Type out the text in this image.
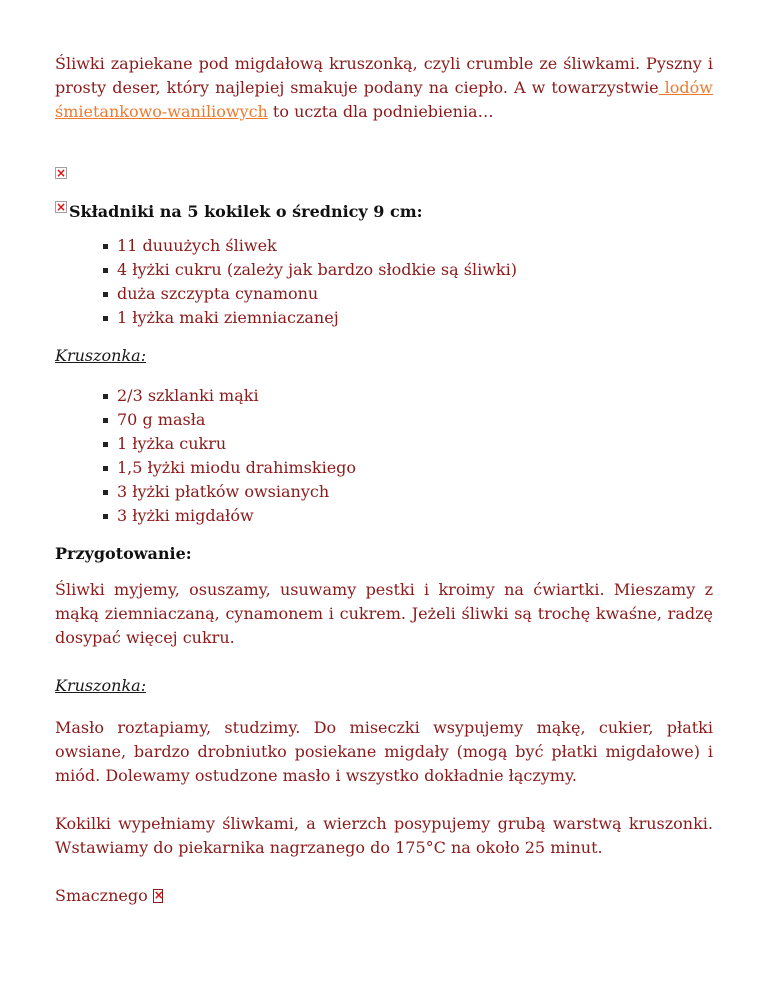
Śliwki zapiekane pod migdałową kruszonką, czyli crumble ze śliwkami. Pyszny i prosty deser, który najlepiej smakuje podany na ciepło. A w towarzystwie lodów śmietankowo-waniliowych to uczta dla podniebienia…

×
×Składniki na 5 kokilek o średnicy 9 cm:
11 duuużych śliwek
4 łyżki cukru (zależy jak bardzo słodkie są śliwki)
duża szczypta cynamonu
1 łyżka maki ziemniaczanej

Kruszonka:

2/3 szklanki mąki
70 g masła
1 łyżka cukru
1,5 łyżki miodu drahimskiego
3 łyżki płatków owsianych
3 łyżki migdałów

Przygotowanie:

Śliwki myjemy, osuszamy, usuwamy pestki i kroimy na ćwiartki. Mieszamy z mąką ziemniaczaną, cynamonem i cukrem. Jeżeli śliwki są trochę kwaśne, radzę dosypać więcej cukru.

Kruszonka:

Masło roztapiamy, studzimy. Do miseczki wsypujemy mąkę, cukier, płatki owsiane, bardzo drobniutko posiekane migdały (mogą być płatki migdałowe) i miód. Dolewamy ostudzone masło i wszystko dokładnie łączymy.

Kokilki wypełniamy śliwkami, a wierzch posypujemy grubą warstwą kruszonki. Wstawiamy do piekarnika nagrzanego do 175°C na około 25 minut.

Smacznego ×
